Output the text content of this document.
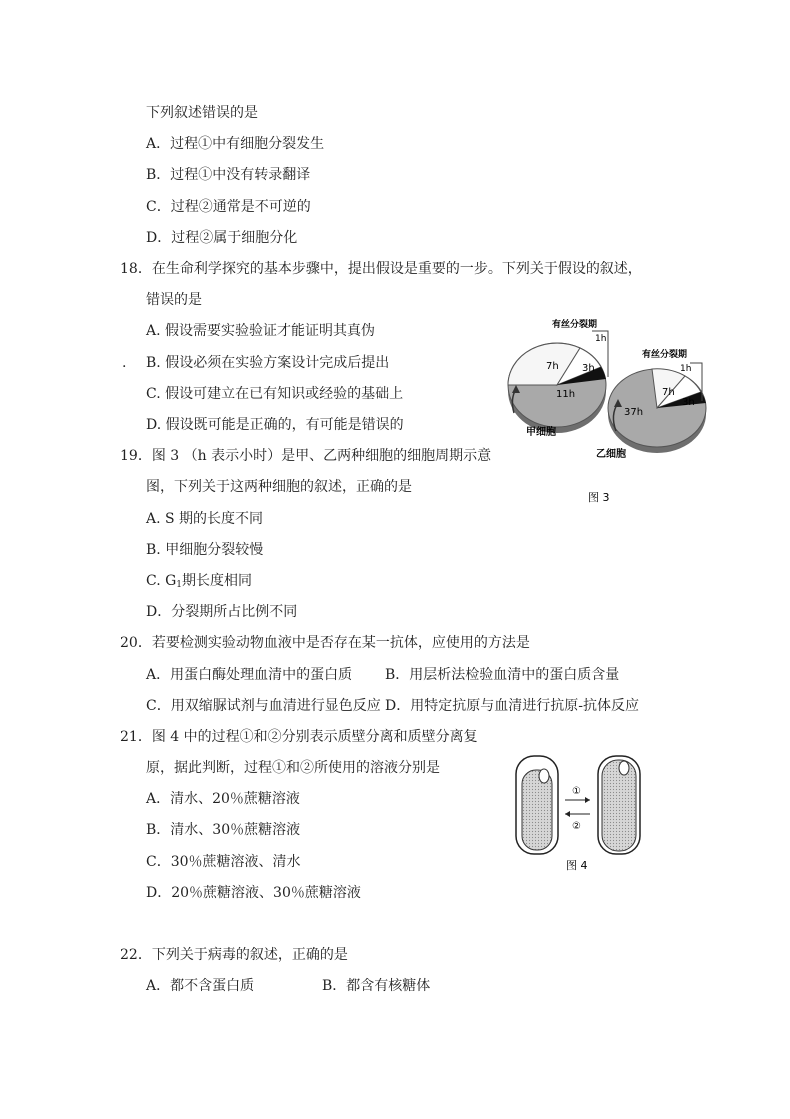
下列叙述错误的是
A．过程①中有细胞分裂发生
B．过程①中没有转录翻译
C．过程②通常是不可逆的
D．过程②属于细胞分化
18．在生命利学探究的基本步骤中，提出假设是重要的一步。下列关于假设的叙述，
错误的是
A. 假设需要实验验证才能证明其真伪
. B. 假设必须在实验方案设计完成后提出
C. 假设可建立在已有知识或经验的基础上
D. 假设既可能是正确的，有可能是错误的
19．图 3 （h 表示小时）是甲、乙两种细胞的细胞周期示意
图，下列关于这两种细胞的叙述，正确的是
A. S 期的长度不同
B. 甲细胞分裂较慢
C. $G_1$期长度相同
D．分裂期所占比例不同
20．若要检测实验动物血液中是否存在某一抗体，应使用的方法是
A．用蛋白酶处理血清中的蛋白质 B．用层析法检验血清中的蛋白质含量
C．用双缩脲试剂与血清进行显色反应 D．用特定抗原与血清进行抗原-抗体反应
21．图 4 中的过程①和②分别表示质壁分离和质壁分离复
原，据此判断，过程①和②所使用的溶液分别是
A．清水、20％蔗糖溶液
B．清水、30％蔗糖溶液
C．30％蔗糖溶液、清水
D．20％蔗糖溶液、30％蔗糖溶液
22．下列关于病毒的叙述，正确的是
A．都不含蛋白质	B．都含有核糖体
7h 3h
11h
有丝分裂期
1h
甲细胞
37h
7h
3h
有丝分裂期
1h
乙细胞
图 3
①
②
图 4
